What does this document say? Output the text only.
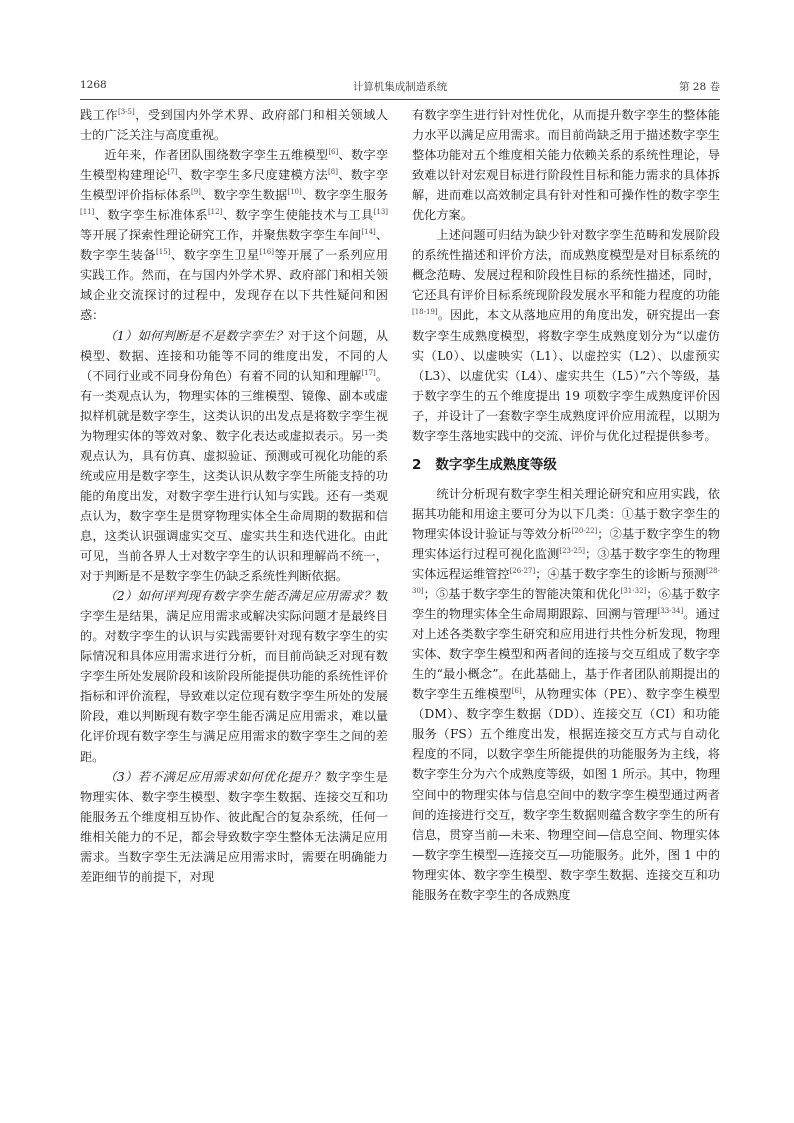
1268	计算机集成制造系统	第 28 卷

践工作[3-5]，受到国内外学术界、政府部门和相关领域人士的广泛关注与高度重视。

近年来，作者团队围绕数字孪生五维模型[6]、数字孪生模型构建理论[7]、数字孪生多尺度建模方法[8]、数字孪生模型评价指标体系[9]、数字孪生数据[10]、数字孪生服务[11]、数字孪生标准体系[12]、数字孪生使能技术与工具[13]等开展了探索性理论研究工作，并聚焦数字孪生车间[14]、数字孪生装备[15]、数字孪生卫星[16]等开展了一系列应用实践工作。然而，在与国内外学术界、政府部门和相关领域企业交流探讨的过程中，发现存在以下共性疑问和困惑：

（1）如何判断是不是数字孪生？对于这个问题，从模型、数据、连接和功能等不同的维度出发，不同的人（不同行业或不同身份角色）有着不同的认知和理解[17]。有一类观点认为，物理实体的三维模型、镜像、副本或虚拟样机就是数字孪生，这类认识的出发点是将数字孪生视为物理实体的等效对象、数字化表达或虚拟表示。另一类观点认为，具有仿真、虚拟验证、预测或可视化功能的系统或应用是数字孪生，这类认识从数字孪生所能支持的功能的角度出发，对数字孪生进行认知与实践。还有一类观点认为，数字孪生是贯穿物理实体全生命周期的数据和信息，这类认识强调虚实交互、虚实共生和迭代进化。由此可见，当前各界人士对数字孪生的认识和理解尚不统一，对于判断是不是数字孪生仍缺乏系统性判断依据。

（2）如何评判现有数字孪生能否满足应用需求？数字孪生是结果，满足应用需求或解决实际问题才是最终目的。对数字孪生的认识与实践需要针对现有数字孪生的实际情况和具体应用需求进行分析，而目前尚缺乏对现有数字孪生所处发展阶段和该阶段所能提供功能的系统性评价指标和评价流程，导致难以定位现有数字孪生所处的发展阶段，难以判断现有数字孪生能否满足应用需求，难以量化评价现有数字孪生与满足应用需求的数字孪生之间的差距。

（3）若不满足应用需求如何优化提升？数字孪生是物理实体、数字孪生模型、数字孪生数据、连接交互和功能服务五个维度相互协作、彼此配合的复杂系统，任何一维相关能力的不足，都会导致数字孪生整体无法满足应用需求。当数字孪生无法满足应用需求时，需要在明确能力差距细节的前提下，对现

有数字孪生进行针对性优化，从而提升数字孪生的整体能力水平以满足应用需求。而目前尚缺乏用于描述数字孪生整体功能对五个维度相关能力依赖关系的系统性理论，导致难以针对宏观目标进行阶段性目标和能力需求的具体拆解，进而难以高效制定具有针对性和可操作性的数字孪生优化方案。

上述问题可归结为缺少针对数字孪生范畴和发展阶段的系统性描述和评价方法，而成熟度模型是对目标系统的概念范畴、发展过程和阶段性目标的系统性描述，同时，它还具有评价目标系统现阶段发展水平和能力程度的功能[18-19]。因此，本文从落地应用的角度出发，研究提出一套数字孪生成熟度模型，将数字孪生成熟度划分为“以虚仿实（L0）、以虚映实（L1）、以虚控实（L2）、以虚预实（L3）、以虚优实（L4）、虚实共生（L5）”六个等级，基于数字孪生的五个维度提出 19 项数字孪生成熟度评价因子，并设计了一套数字孪生成熟度评价应用流程，以期为数字孪生落地实践中的交流、评价与优化过程提供参考。

2 数字孪生成熟度等级

统计分析现有数字孪生相关理论研究和应用实践，依据其功能和用途主要可分为以下几类：①基于数字孪生的物理实体设计验证与等效分析[20-22]；②基于数字孪生的物理实体运行过程可视化监测[23-25]；③基于数字孪生的物理实体远程运维管控[26-27]；④基于数字孪生的诊断与预测[28-30]；⑤基于数字孪生的智能决策和优化[31-32]；⑥基于数字孪生的物理实体全生命周期跟踪、回溯与管理[33-34]。通过对上述各类数字孪生研究和应用进行共性分析发现，物理实体、数字孪生模型和两者间的连接与交互组成了数字孪生的“最小概念”。在此基础上，基于作者团队前期提出的数字孪生五维模型[6]，从物理实体（PE）、数字孪生模型（DM）、数字孪生数据（DD）、连接交互（CI）和功能服务（FS）五个维度出发，根据连接交互方式与自动化程度的不同，以数字孪生所能提供的功能服务为主线，将数字孪生分为六个成熟度等级，如图 1 所示。其中，物理空间中的物理实体与信息空间中的数字孪生模型通过两者间的连接进行交互，数字孪生数据则蕴含数字孪生的所有信息，贯穿当前—未来、物理空间—信息空间、物理实体—数字孪生模型—连接交互—功能服务。此外，图 1 中的物理实体、数字孪生模型、数字孪生数据、连接交互和功能服务在数字孪生的各成熟度
